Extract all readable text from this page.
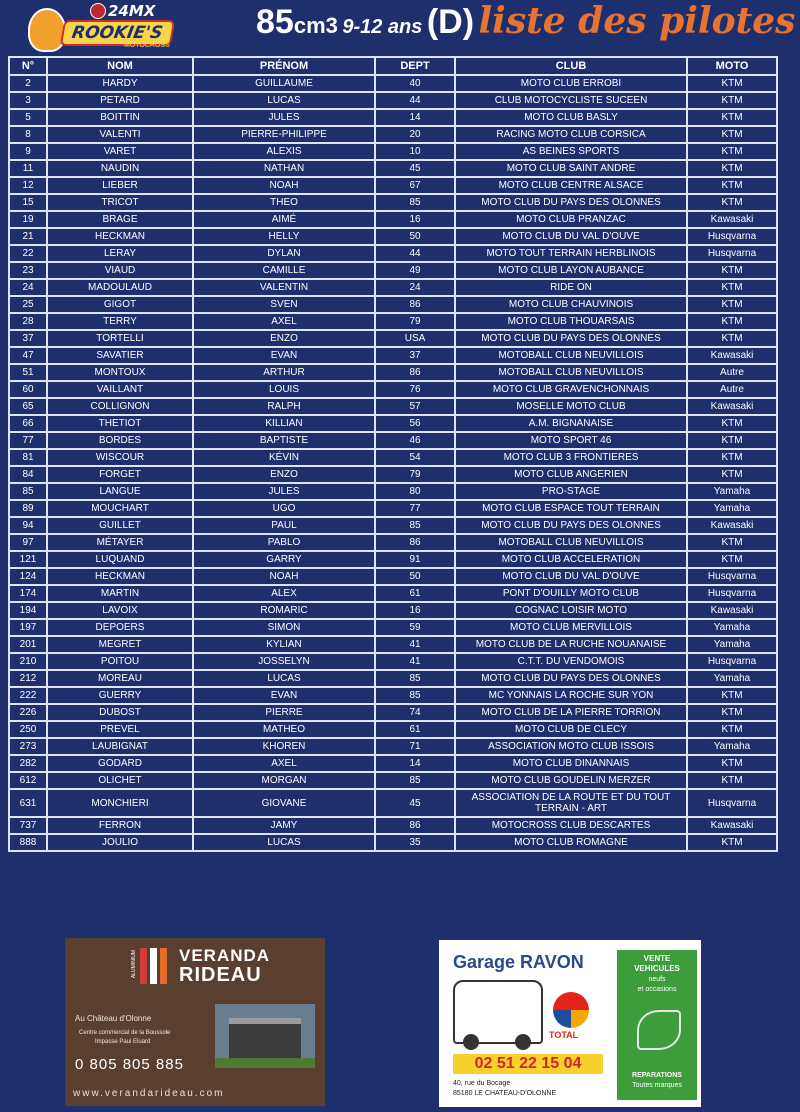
24MX
ROOKIE'S
MOTOCROSS
85cm3 9-12 ans (D) liste des pilotes
N°	NOM	PRÉNOM	DEPT	CLUB	MOTO
2	HARDY	GUILLAUME	40	MOTO CLUB ERROBI	KTM
3	PETARD	LUCAS	44	CLUB MOTOCYCLISTE SUCEEN	KTM
5	BOITTIN	JULES	14	MOTO CLUB BASLY	KTM
8	VALENTI	PIERRE-PHILIPPE	20	RACING MOTO CLUB CORSICA	KTM
9	VARET	ALEXIS	10	AS BEINES SPORTS	KTM
11	NAUDIN	NATHAN	45	MOTO CLUB SAINT ANDRE	KTM
12	LIEBER	NOAH	67	MOTO CLUB CENTRE ALSACE	KTM
15	TRICOT	THEO	85	MOTO CLUB DU PAYS DES OLONNES	KTM
19	BRAGE	AIMÉ	16	MOTO CLUB PRANZAC	Kawasaki
21	HECKMAN	HELLY	50	MOTO CLUB DU VAL D'OUVE	Husqvarna
22	LERAY	DYLAN	44	MOTO TOUT TERRAIN HERBLINOIS	Husqvarna
23	VIAUD	CAMILLE	49	MOTO CLUB LAYON AUBANCE	KTM
24	MADOULAUD	VALENTIN	24	RIDE ON	KTM
25	GIGOT	SVEN	86	MOTO CLUB CHAUVINOIS	KTM
28	TERRY	AXEL	79	MOTO CLUB THOUARSAIS	KTM
37	TORTELLI	ENZO	USA	MOTO CLUB DU PAYS DES OLONNES	KTM
47	SAVATIER	EVAN	37	MOTOBALL CLUB NEUVILLOIS	Kawasaki
51	MONTOUX	ARTHUR	86	MOTOBALL CLUB NEUVILLOIS	Autre
60	VAILLANT	LOUIS	76	MOTO CLUB GRAVENCHONNAIS	Autre
65	COLLIGNON	RALPH	57	MOSELLE MOTO CLUB	Kawasaki
66	THETIOT	KILLIAN	56	A.M. BIGNANAISE	KTM
77	BORDES	BAPTISTE	46	MOTO SPORT 46	KTM
81	WISCOUR	KÉVIN	54	MOTO CLUB 3 FRONTIERES	KTM
84	FORGET	ENZO	79	MOTO CLUB ANGERIEN	KTM
85	LANGUE	JULES	80	PRO-STAGE	Yamaha
89	MOUCHART	UGO	77	MOTO CLUB ESPACE TOUT TERRAIN	Yamaha
94	GUILLET	PAUL	85	MOTO CLUB DU PAYS DES OLONNES	Kawasaki
97	MÉTAYER	PABLO	86	MOTOBALL CLUB NEUVILLOIS	KTM
121	LUQUAND	GARRY	91	MOTO CLUB ACCELERATION	KTM
124	HECKMAN	NOAH	50	MOTO CLUB DU VAL D'OUVE	Husqvarna
174	MARTIN	ALEX	61	PONT D'OUILLY MOTO CLUB	Husqvarna
194	LAVOIX	ROMARIC	16	COGNAC LOISIR MOTO	Kawasaki
197	DEPOERS	SIMON	59	MOTO CLUB MERVILLOIS	Yamaha
201	MEGRET	KYLIAN	41	MOTO CLUB DE LA RUCHE NOUANAISE	Yamaha
210	POITOU	JOSSELYN	41	C.T.T. DU VENDOMOIS	Husqvarna
212	MOREAU	LUCAS	85	MOTO CLUB DU PAYS DES OLONNES	Yamaha
222	GUERRY	EVAN	85	MC YONNAIS LA ROCHE SUR YON	KTM
226	DUBOST	PIERRE	74	MOTO CLUB DE LA PIERRE TORRION	KTM
250	PREVEL	MATHEO	61	MOTO CLUB DE CLECY	KTM
273	LAUBIGNAT	KHOREN	71	ASSOCIATION MOTO CLUB ISSOIS	Yamaha
282	GODARD	AXEL	14	MOTO CLUB DINANNAIS	KTM
612	OLICHET	MORGAN	85	MOTO CLUB GOUDELIN MERZER	KTM
631	MONCHIERI	GIOVANE	45	ASSOCIATION DE LA ROUTE ET DU TOUT TERRAIN - ART	Husqvarna
737	FERRON	JAMY	86	MOTOCROSS CLUB DESCARTES	Kawasaki
888	JOULIO	LUCAS	35	MOTO CLUB ROMAGNE	KTM
ALUMINIUM VERANDA
RIDEAU
Au Château d'Olonne
Centre commercial de la Boussole
Impasse Paul Eluard
0 805 805 885
www.verandarideau.com
Garage RAVON
TOTAL
02 51 22 15 04
40, rue du Bocage
85180 LE CHATEAU-D'OLONNE
VENTE
VEHICULES
neufs
et occasions
REPARATIONS
Toutes marques
